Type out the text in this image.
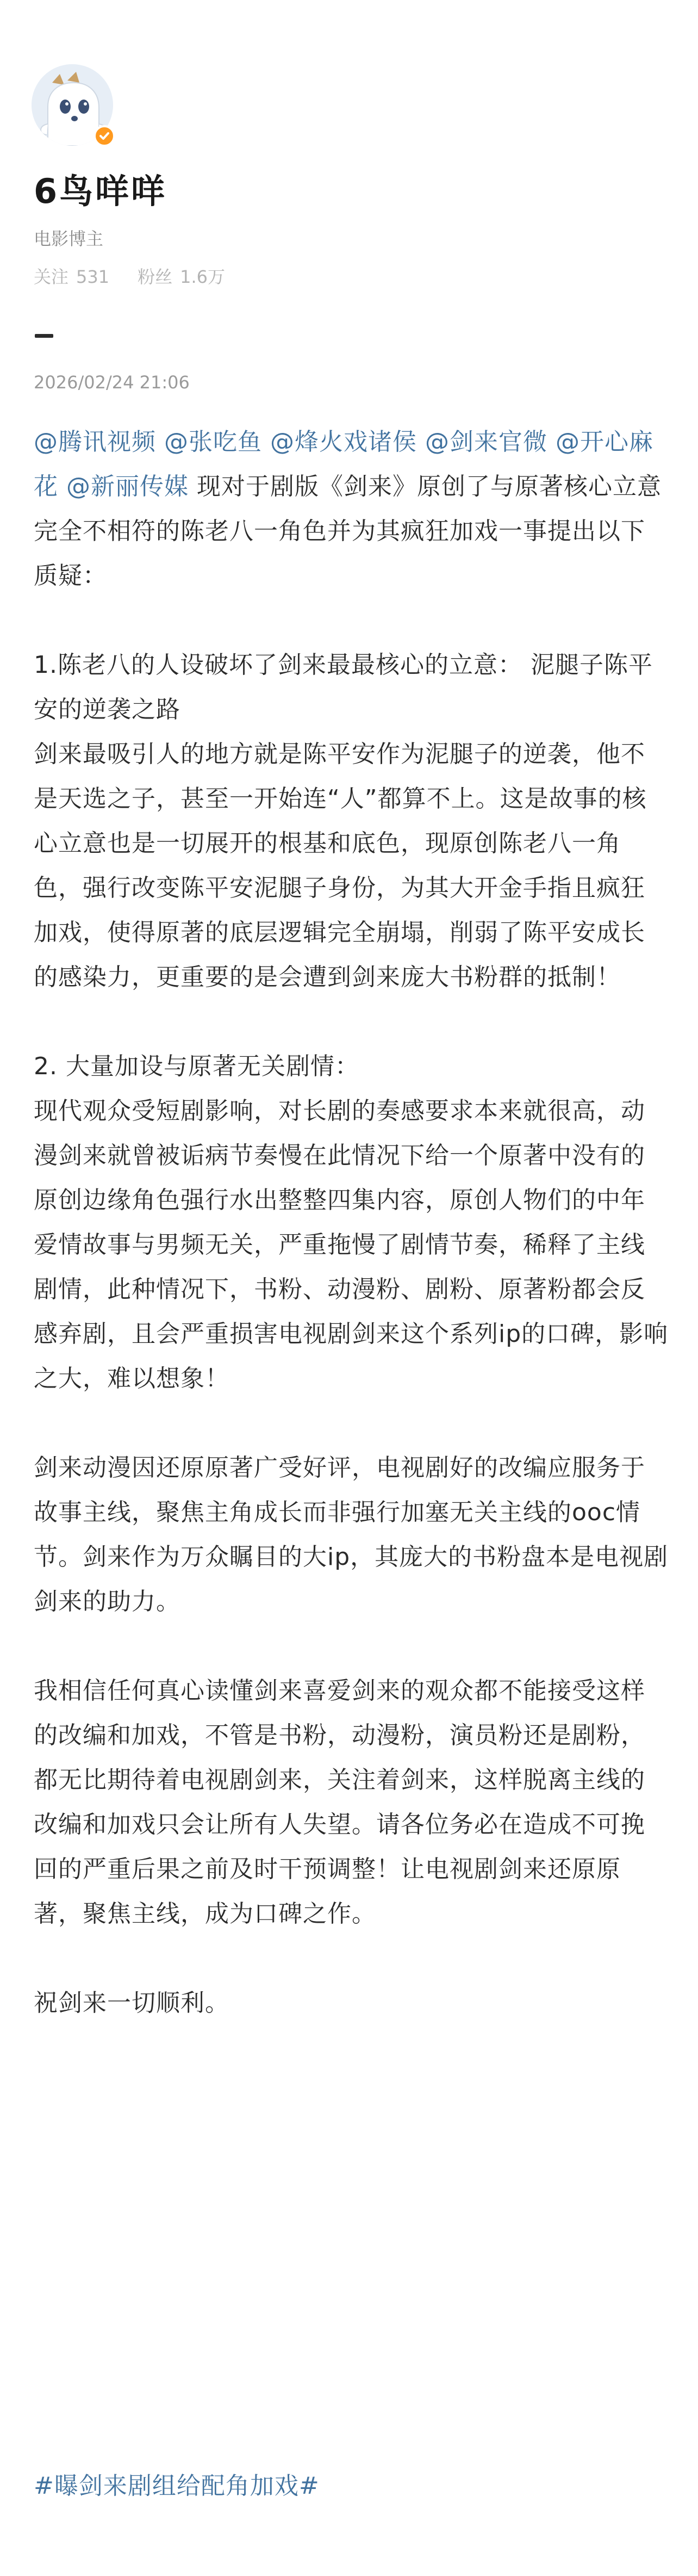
6鸟咩咩
电影博主
关注 531 粉丝 1.6万
2026/02/24 21:06

@腾讯视频 @张吃鱼 @烽火戏诸侯 @剑来官微 @开心麻花 @新丽传媒 现对于剧版《剑来》原创了与原著核心立意完全不相符的陈老八一角色并为其疯狂加戏一事提出以下质疑：

1.陈老八的人设破坏了剑来最最核心的立意： 泥腿子陈平安的逆袭之路

剑来最吸引人的地方就是陈平安作为泥腿子的逆袭，他不是天选之子，甚至一开始连“人”都算不上。这是故事的核心立意也是一切展开的根基和底色，现原创陈老八一角色，强行改变陈平安泥腿子身份，为其大开金手指且疯狂加戏，使得原著的底层逻辑完全崩塌，削弱了陈平安成长的感染力，更重要的是会遭到剑来庞大书粉群的抵制！

2. 大量加设与原著无关剧情：

现代观众受短剧影响，对长剧的奏感要求本来就很高，动漫剑来就曾被诟病节奏慢在此情况下给一个原著中没有的原创边缘角色强行水出整整四集内容，原创人物们的中年爱情故事与男频无关，严重拖慢了剧情节奏，稀释了主线剧情，此种情况下，书粉、动漫粉、剧粉、原著粉都会反感弃剧，且会严重损害电视剧剑来这个系列ip的口碑，影响之大，难以想象！

剑来动漫因还原原著广受好评，电视剧好的改编应服务于故事主线，聚焦主角成长而非强行加塞无关主线的ooc情节。剑来作为万众瞩目的大ip，其庞大的书粉盘本是电视剧剑来的助力。

我相信任何真心读懂剑来喜爱剑来的观众都不能接受这样的改编和加戏，不管是书粉，动漫粉，演员粉还是剧粉，都无比期待着电视剧剑来，关注着剑来，这样脱离主线的改编和加戏只会让所有人失望。请各位务必在造成不可挽回的严重后果之前及时干预调整！让电视剧剑来还原原著，聚焦主线，成为口碑之作。

祝剑来一切顺利。

#曝剑来剧组给配角加戏#
